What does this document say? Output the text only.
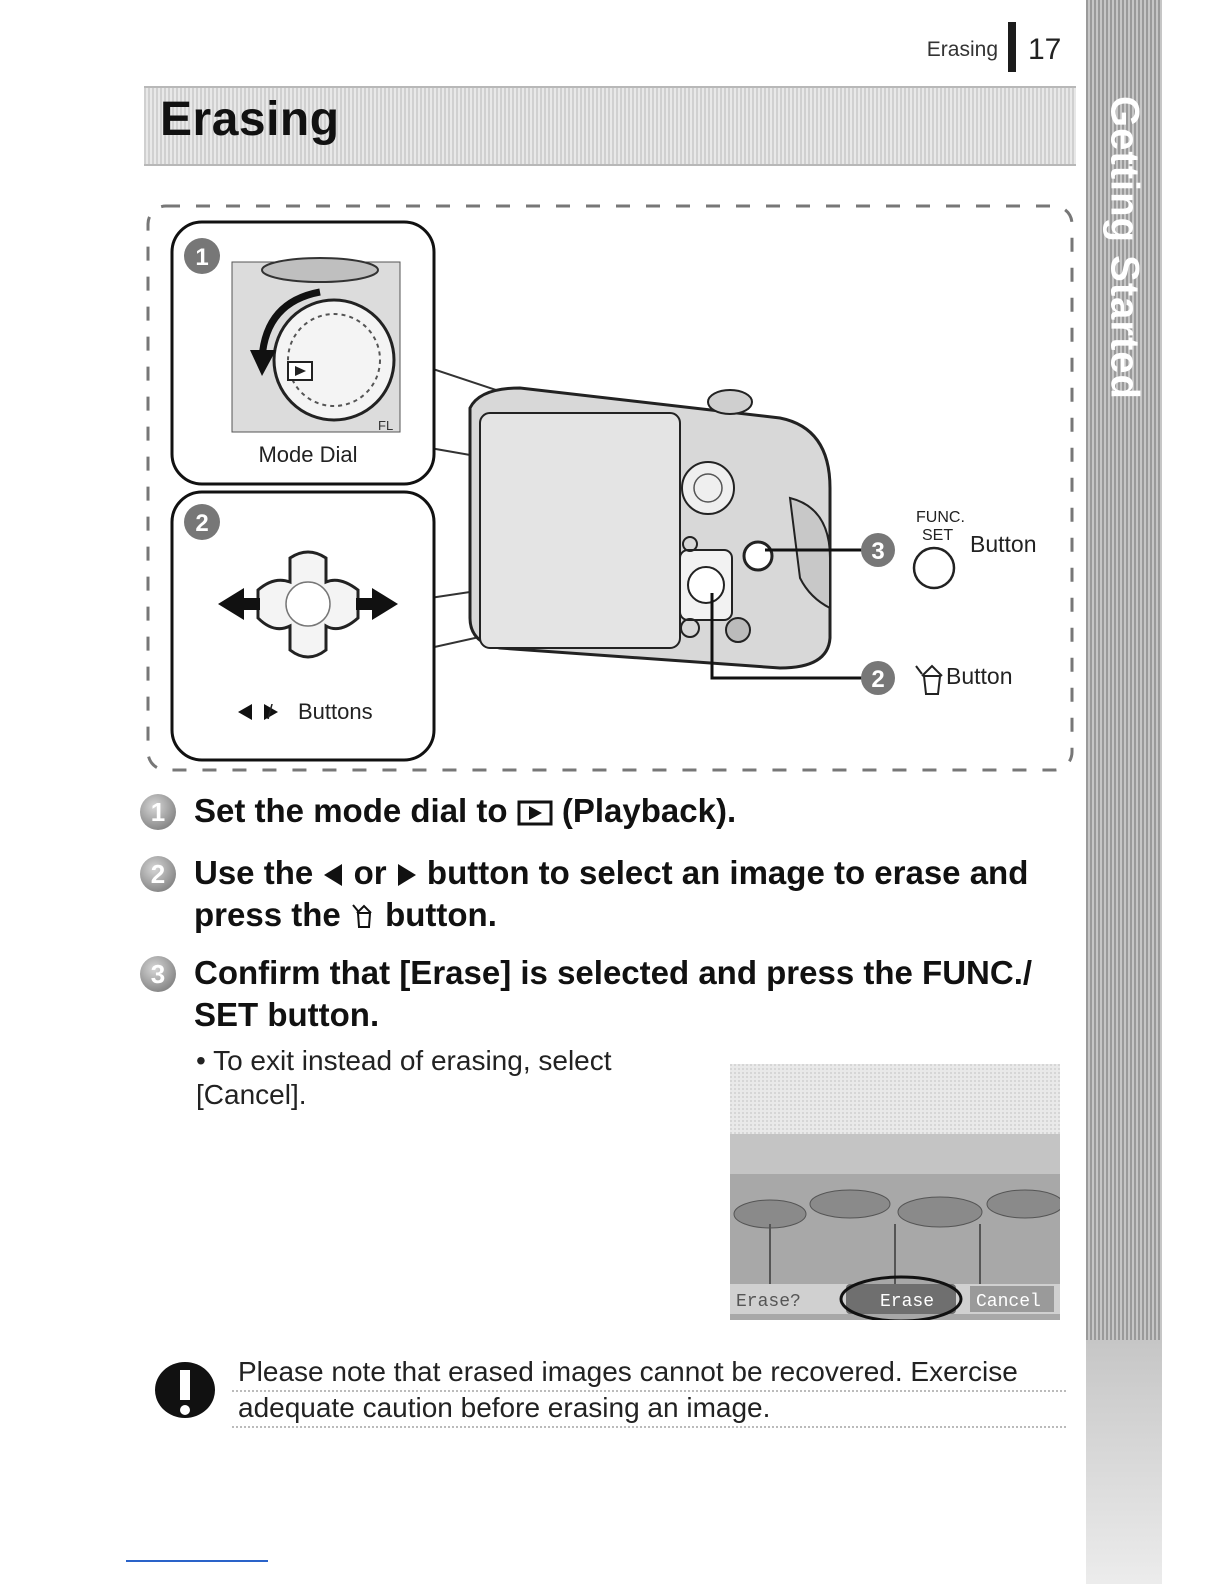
Erasing 17
Erasing	Getting Started
3
2
FUNC.
SET Button
Button
FL
1
Mode Dial
2
/ Buttons
1 Set the mode dial to (Playback).
2 Use the or button to select an image to erase and press the button.
3 Confirm that [Erase] is selected and press the FUNC./ SET button.
• To exit instead of erasing, select [Cancel].
Erase?	Erase Cancel
Please note that erased images cannot be recovered. Exercise adequate caution before erasing an image.
